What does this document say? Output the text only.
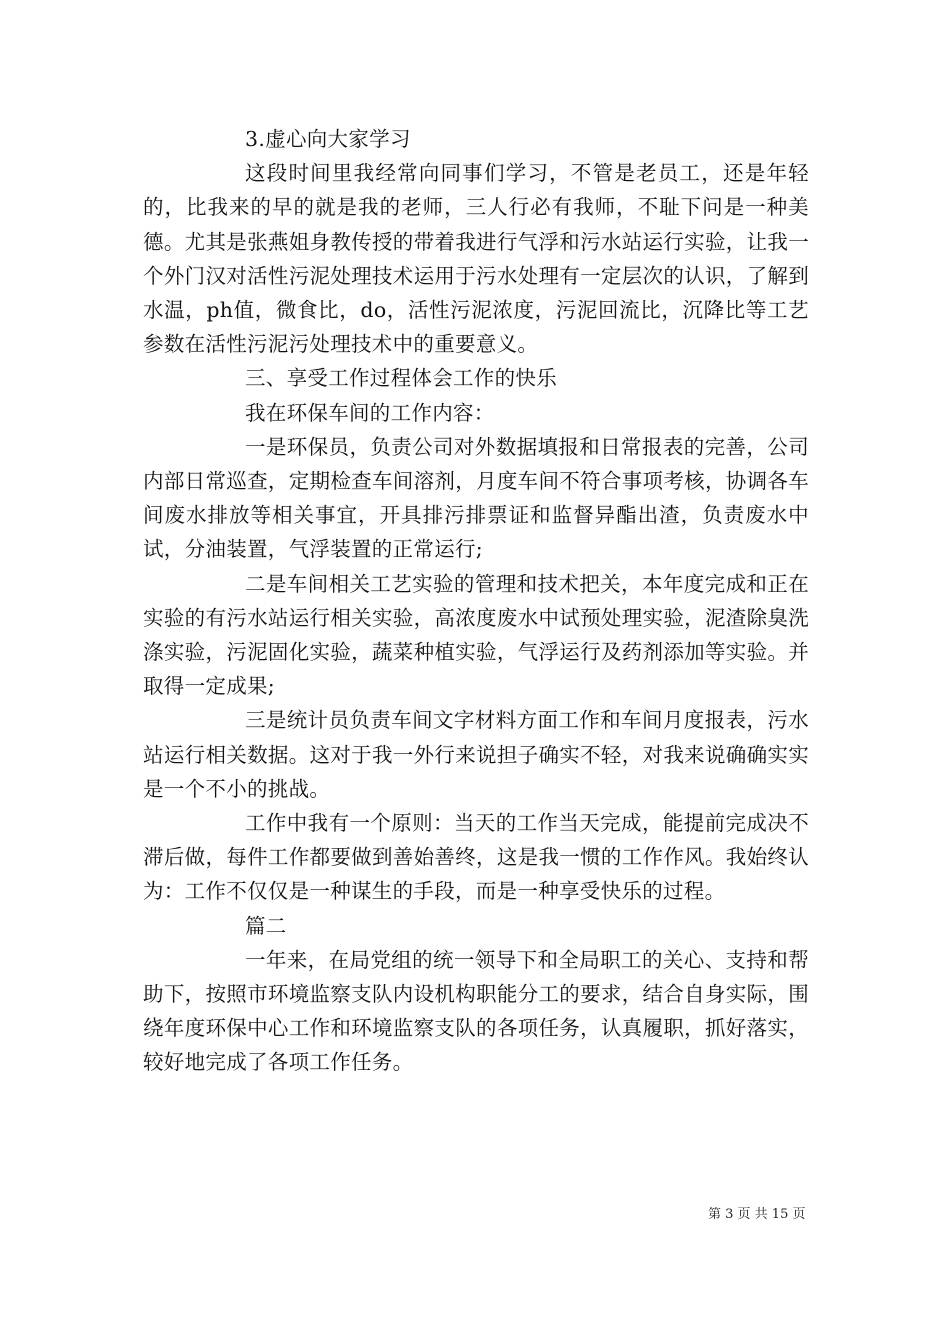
3.虚心向大家学习

这段时间里我经常向同事们学习，不管是老员工，还是年轻的，比我来的早的就是我的老师，三人行必有我师，不耻下问是一种美德。尤其是张燕姐身教传授的带着我进行气浮和污水站运行实验，让我一个外门汉对活性污泥处理技术运用于污水处理有一定层次的认识，了解到水温，ph值，微食比，do，活性污泥浓度，污泥回流比，沉降比等工艺参数在活性污泥污处理技术中的重要意义。

三、享受工作过程体会工作的快乐

我在环保车间的工作内容：

一是环保员，负责公司对外数据填报和日常报表的完善，公司内部日常巡查，定期检查车间溶剂，月度车间不符合事项考核，协调各车间废水排放等相关事宜，开具排污排票证和监督异酯出渣，负责废水中试，分油装置，气浮装置的正常运行;

二是车间相关工艺实验的管理和技术把关，本年度完成和正在实验的有污水站运行相关实验，高浓度废水中试预处理实验，泥渣除臭洗涤实验，污泥固化实验，蔬菜种植实验，气浮运行及药剂添加等实验。并取得一定成果;

三是统计员负责车间文字材料方面工作和车间月度报表，污水站运行相关数据。这对于我一外行来说担子确实不轻，对我来说确确实实是一个不小的挑战。

工作中我有一个原则：当天的工作当天完成，能提前完成决不滞后做，每件工作都要做到善始善终，这是我一惯的工作作风。我始终认为：工作不仅仅是一种谋生的手段，而是一种享受快乐的过程。

篇二

一年来，在局党组的统一领导下和全局职工的关心、支持和帮助下，按照市环境监察支队内设机构职能分工的要求，结合自身实际，围绕年度环保中心工作和环境监察支队的各项任务，认真履职，抓好落实，较好地完成了各项工作任务。

第 3 页 共 15 页
